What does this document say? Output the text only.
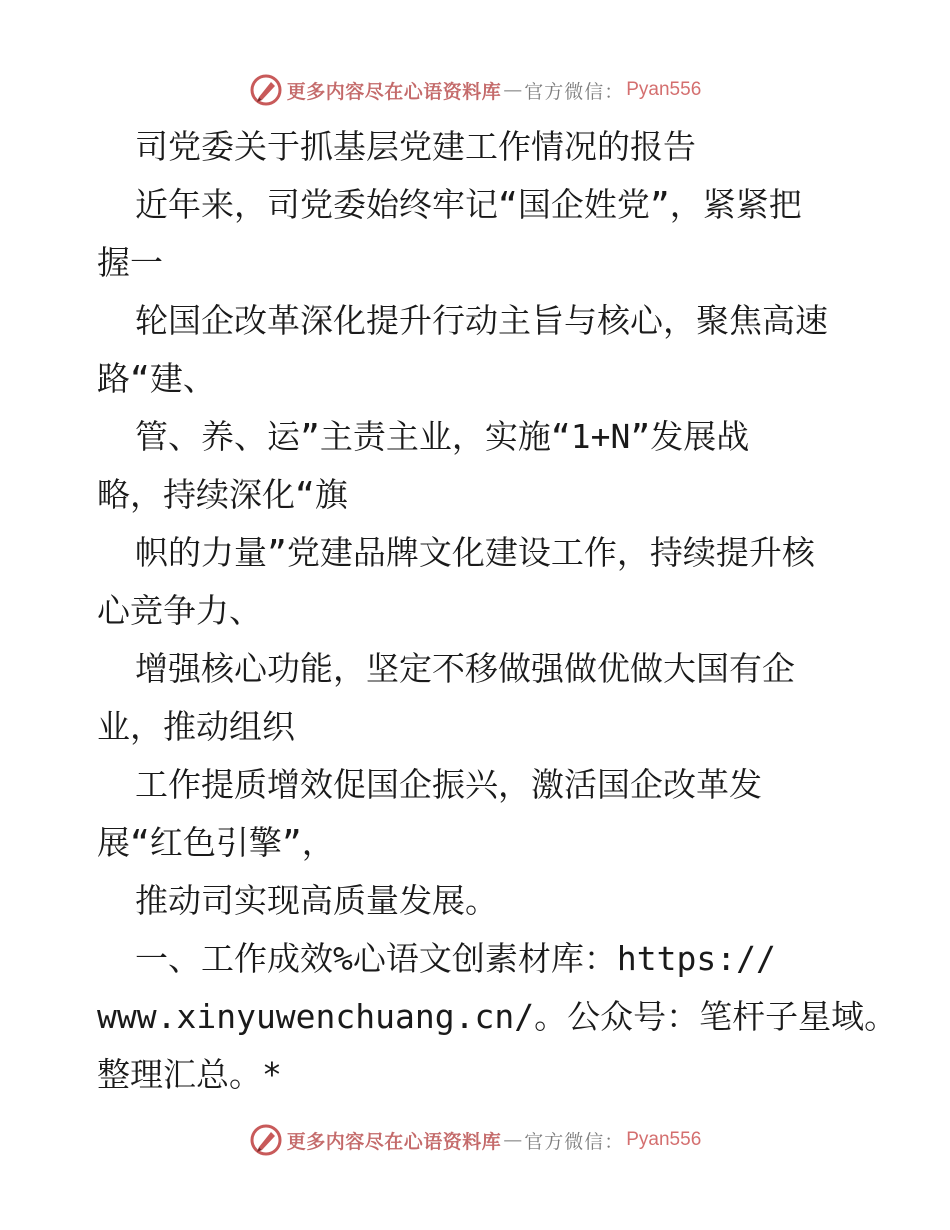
更多内容尽在心语资料库 — 官方微信： Pyan556
司党委关于抓基层党建工作情况的报告
近年来，司党委始终牢记“国企姓党”，紧紧把
握一
轮国企改革深化提升行动主旨与核心，聚焦高速
路“建、
管、养、运”主责主业，实施“1+N”发展战
略，持续深化“旗
帜的力量”党建品牌文化建设工作，持续提升核
心竞争力、
增强核心功能，坚定不移做强做优做大国有企
业，推动组织
工作提质增效促国企振兴，激活国企改革发
展“红色引擎”，
推动司实现高质量发展。
一、工作成效%心语文创素材库：https://
www.xinyuwenchuang.cn/。公众号：笔杆子星域。
整理汇总。*
更多内容尽在心语资料库 — 官方微信： Pyan556
